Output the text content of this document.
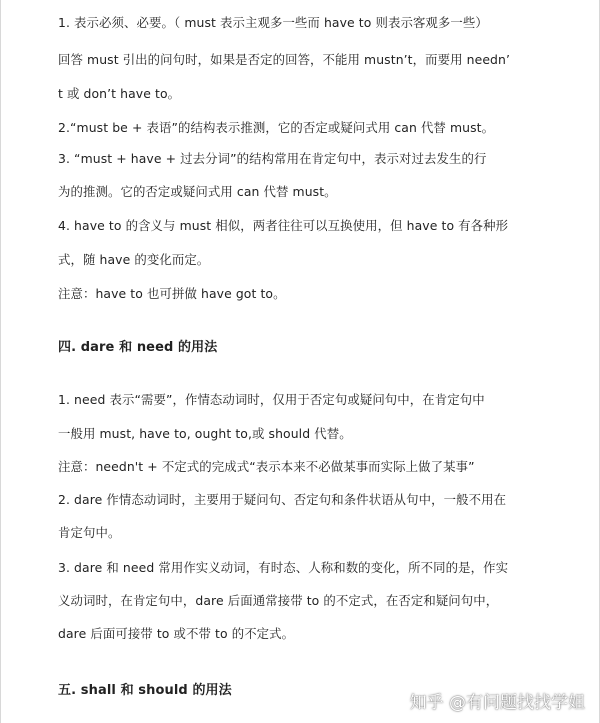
1. 表示必须、必要。（ must 表示主观多一些而 have to 则表示客观多一些）
回答 must 引出的问句时，如果是否定的回答，不能用 mustn’t，而要用 needn’
t 或 don’t have to。
2.“must be + 表语”的结构表示推测，它的否定或疑问式用 can 代替 must。
3. “must + have + 过去分词”的结构常用在肯定句中，表示对过去发生的行
为的推测。它的否定或疑问式用 can 代替 must。
4. have to 的含义与 must 相似，两者往往可以互换使用，但 have to 有各种形
式，随 have 的变化而定。
注意：have to 也可拼做 have got to。
四. dare 和 need 的用法
1. need 表示“需要”，作情态动词时，仅用于否定句或疑问句中，在肯定句中
一般用 must, have to, ought to,或 should 代替。
注意：needn't + 不定式的完成式“表示本来不必做某事而实际上做了某事”
2. dare 作情态动词时，主要用于疑问句、否定句和条件状语从句中，一般不用在
肯定句中。
3. dare 和 need 常用作实义动词，有时态、人称和数的变化，所不同的是，作实
义动词时，在肯定句中，dare 后面通常接带 to 的不定式，在否定和疑问句中，
dare 后面可接带 to 或不带 to 的不定式。
五. shall 和 should 的用法
知乎 @有问题找找学姐
